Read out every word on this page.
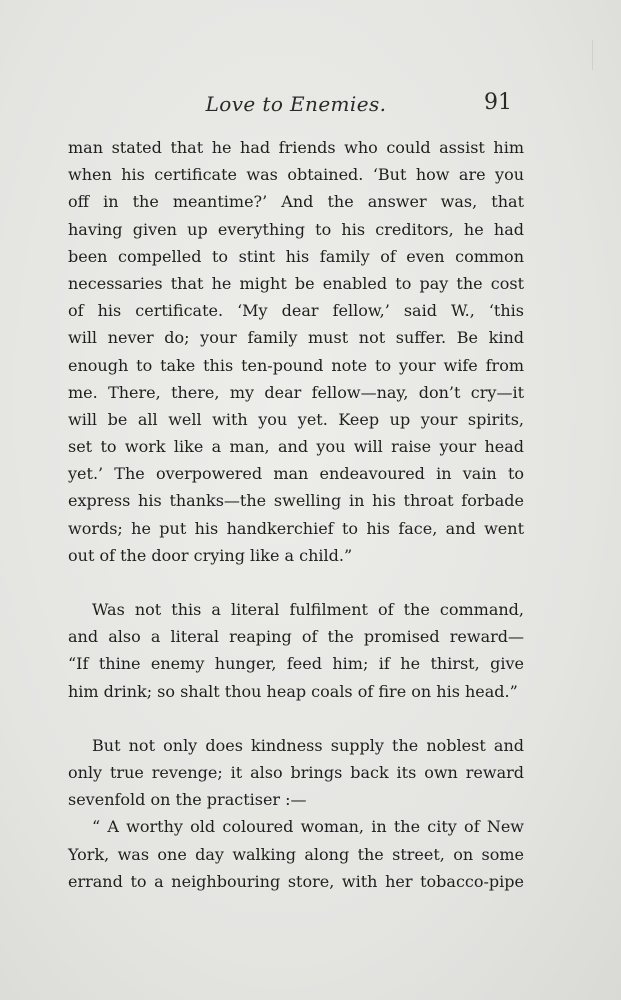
Love to Enemies.	91
man stated that he had friends who could assist him
when his certificate was obtained. ‘But how are you
off in the meantime?’ And the answer was, that
having given up everything to his creditors, he had
been compelled to stint his family of even common
necessaries that he might be enabled to pay the cost
of his certificate. ‘My dear fellow,’ said W., ‘this
will never do; your family must not suffer. Be kind
enough to take this ten-pound note to your wife from
me. There, there, my dear fellow—nay, don’t cry—it
will be all well with you yet. Keep up your spirits,
set to work like a man, and you will raise your head
yet.’ The overpowered man endeavoured in vain to
express his thanks—the swelling in his throat forbade
words; he put his handkerchief to his face, and went
out of the door crying like a child.”
Was not this a literal fulfilment of the command,
and also a literal reaping of the promised reward—
“If thine enemy hunger, feed him; if he thirst, give
him drink; so shalt thou heap coals of fire on his head.”
But not only does kindness supply the noblest and
only true revenge; it also brings back its own reward
sevenfold on the practiser :—
“ A worthy old coloured woman, in the city of New
York, was one day walking along the street, on some
errand to a neighbouring store, with her tobacco-pipe
